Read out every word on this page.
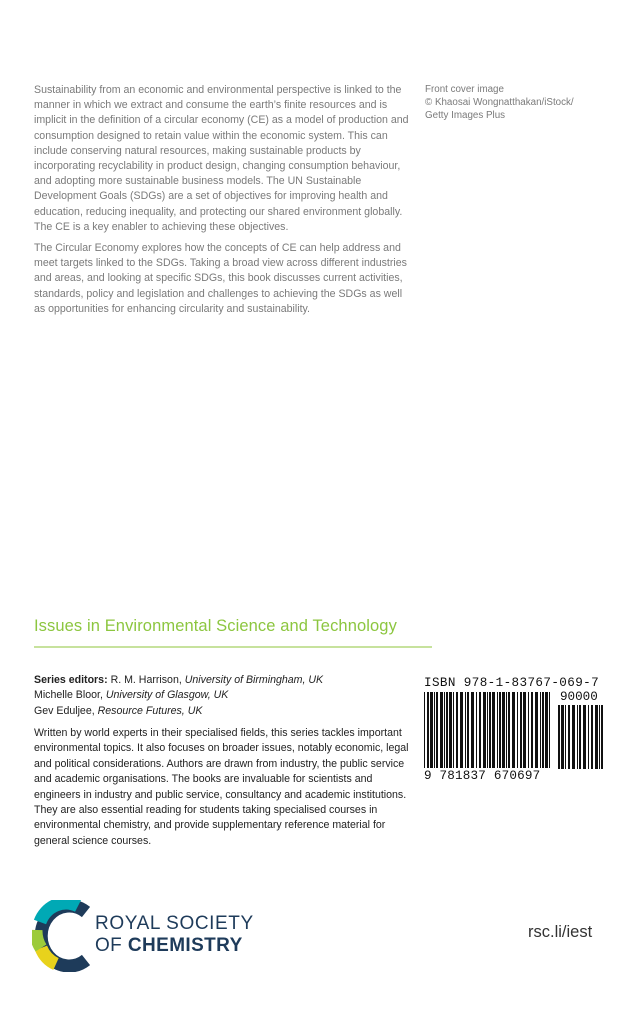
Sustainability from an economic and environmental perspective is linked to the manner in which we extract and consume the earth’s finite resources and is implicit in the definition of a circular economy (CE) as a model of production and consumption designed to retain value within the economic system. This can include conserving natural resources, making sustainable products by incorporating recyclability in product design, changing consumption behaviour, and adopting more sustainable business models. The UN Sustainable Development Goals (SDGs) are a set of objectives for improving health and education, reducing inequality, and protecting our shared environment globally. The CE is a key enabler to achieving these objectives.

The Circular Economy explores how the concepts of CE can help address and meet targets linked to the SDGs. Taking a broad view across different industries and areas, and looking at specific SDGs, this book discusses current activities, standards, policy and legislation and challenges to achieving the SDGs as well as opportunities for enhancing circularity and sustainability.

Front cover image
© Khaosai Wongnatthakan/iStock/
Getty Images Plus
Issues in Environmental Science and Technology
Series editors: R. M. Harrison, University of Birmingham, UK
Michelle Bloor, University of Glasgow, UK
Gev Eduljee, Resource Futures, UK
Written by world experts in their specialised fields, this series tackles important environmental topics. It also focuses on broader issues, notably economic, legal and political considerations. Authors are drawn from industry, the public service and academic organisations. The books are invaluable for scientists and engineers in industry and public service, consultancy and academic institutions. They are also essential reading for students taking specialised courses in environmental chemistry, and provide supplementary reference material for general science courses.
ISBN 978-1-83767-069-7
90000
9 781837 670697
ROYAL SOCIETY
OF CHEMISTRY
rsc.li/iest
